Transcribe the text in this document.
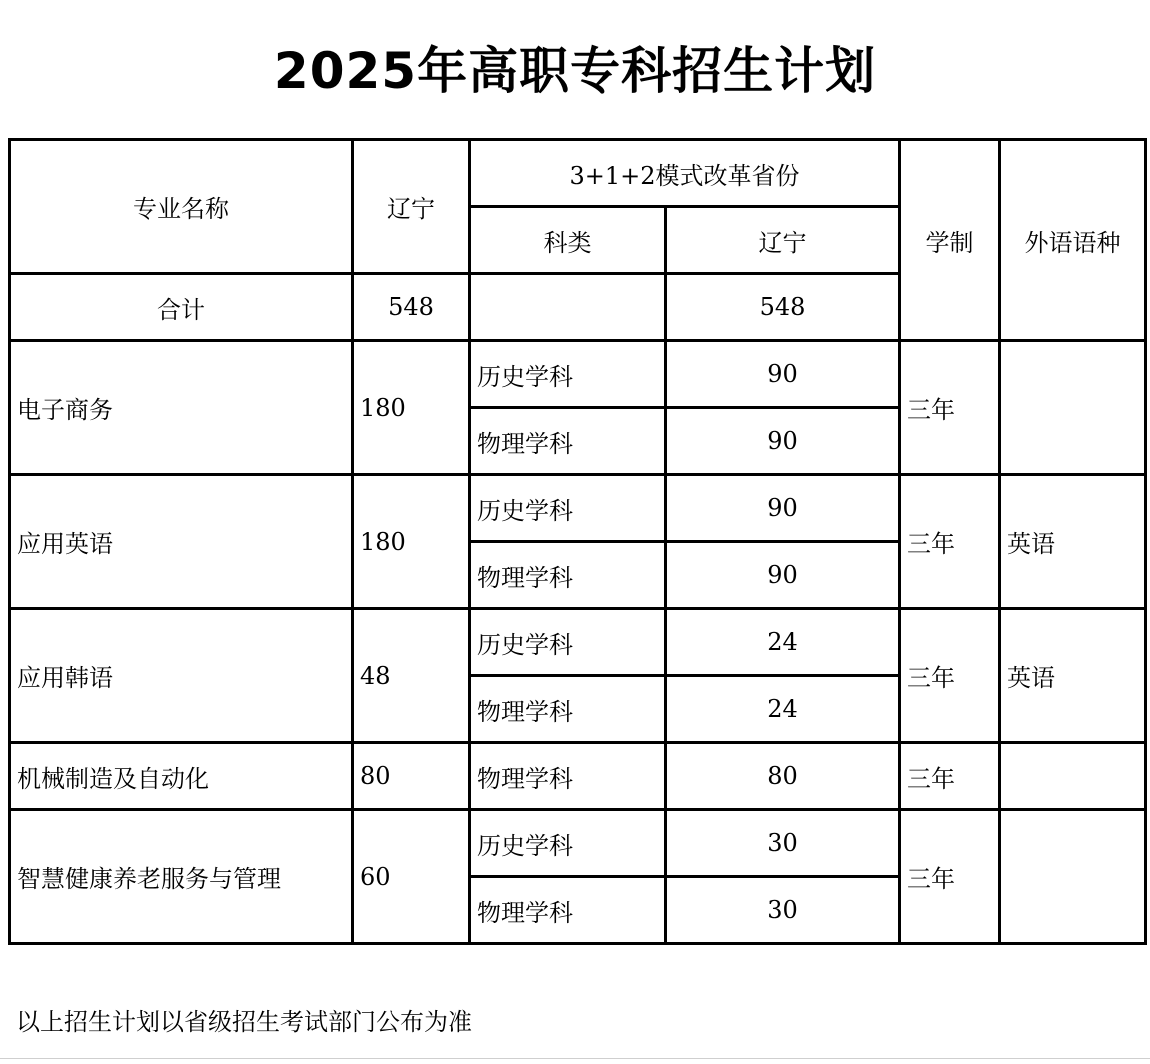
2025年高职专科招生计划
专业名称	辽宁	3+1+2模式改革省份		学制	外语语种
		科类	辽宁		
合计	548		548		
电子商务	180	历史学科	90	三年	
		物理学科	90		
应用英语	180	历史学科	90	三年	英语
		物理学科	90		
应用韩语	48	历史学科	24	三年	英语
		物理学科	24		
机械制造及自动化	80	物理学科	80	三年	
智慧健康养老服务与管理	60	历史学科	30	三年	
		物理学科	30		
以上招生计划以省级招生考试部门公布为准
